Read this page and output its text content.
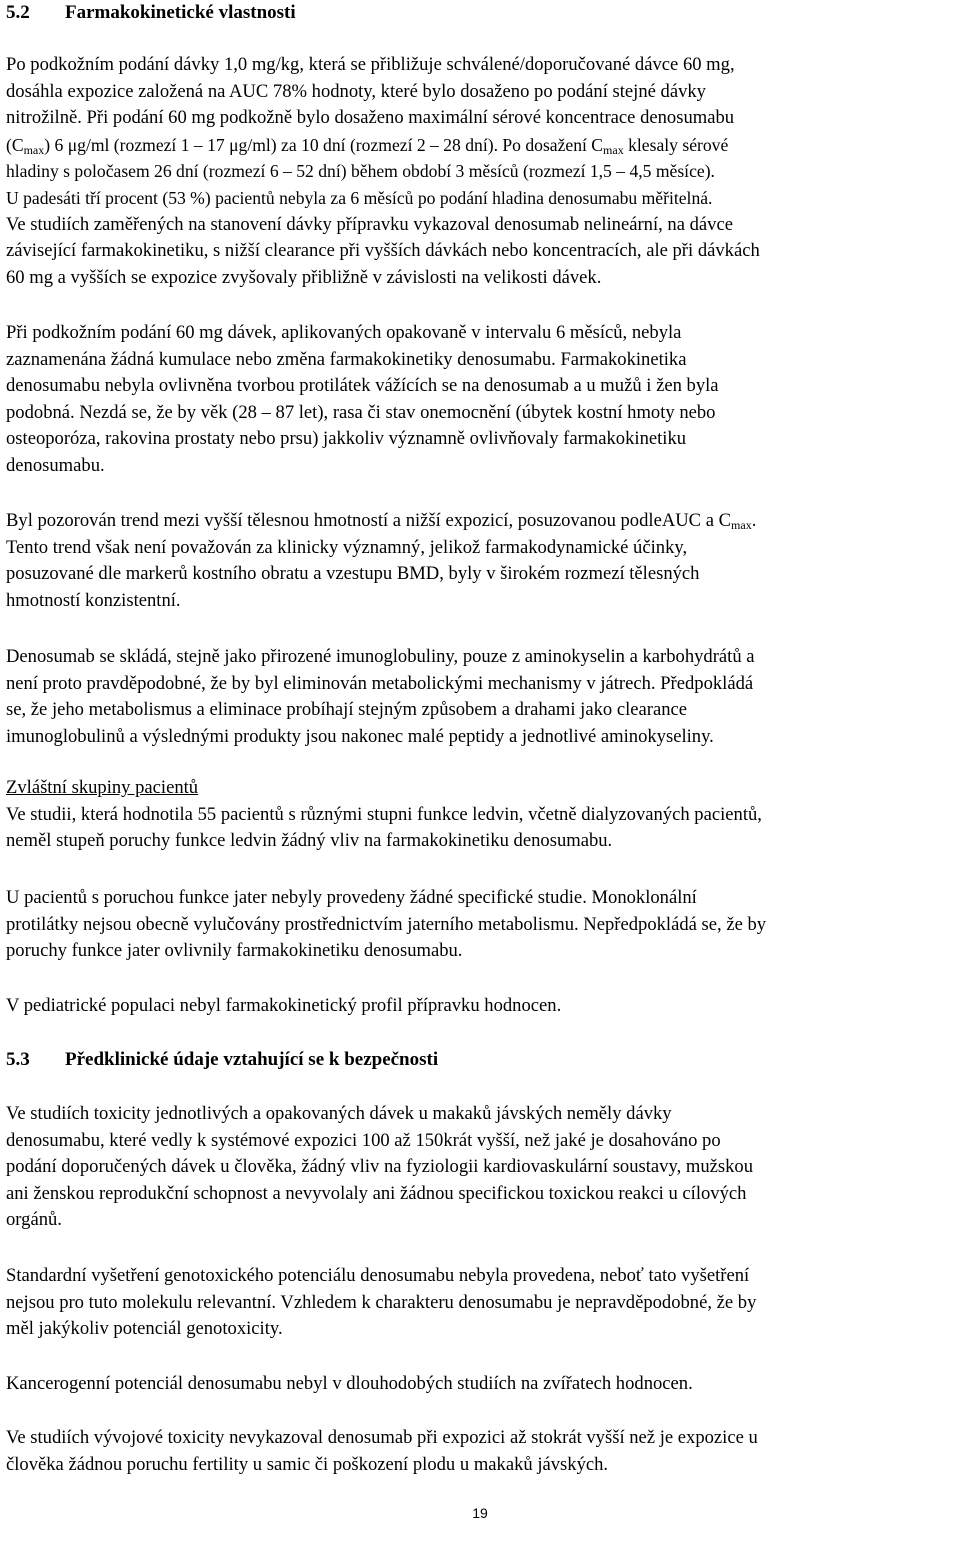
5.2 Farmakokinetické vlastnosti
Po podkožním podání dávky 1,0 mg/kg, která se přibližuje schválené/doporučované dávce 60 mg,
dosáhla expozice založená na AUC 78% hodnoty, které bylo dosaženo po podání stejné dávky
nitrožilně. Při podání 60 mg podkožně bylo dosaženo maximální sérové koncentrace denosumabu
$(C_{max})$ 6 μg/ml (rozmezí 1 – 17 μg/ml) za 10 dní (rozmezí 2 – 28 dní). Po dosažení $C_{max}$ klesaly sérové
hladiny s poločasem 26 dní (rozmezí 6 – 52 dní) během období 3 měsíců (rozmezí 1,5 – 4,5 měsíce).
U padesáti tří procent (53 %) pacientů nebyla za 6 měsíců po podání hladina denosumabu měřitelná.
Ve studiích zaměřených na stanovení dávky přípravku vykazoval denosumab nelineární, na dávce
závisející farmakokinetiku, s nižší clearance při vyšších dávkách nebo koncentracích, ale při dávkách
60 mg a vyšších se expozice zvyšovaly přibližně v závislosti na velikosti dávek.
Při podkožním podání 60 mg dávek, aplikovaných opakovaně v intervalu 6 měsíců, nebyla
zaznamenána žádná kumulace nebo změna farmakokinetiky denosumabu. Farmakokinetika
denosumabu nebyla ovlivněna tvorbou protilátek vážících se na denosumab a u mužů i žen byla
podobná. Nezdá se, že by věk (28 – 87 let), rasa či stav onemocnění (úbytek kostní hmoty nebo
osteoporóza, rakovina prostaty nebo prsu) jakkoliv významně ovlivňovaly farmakokinetiku
denosumabu.
Byl pozorován trend mezi vyšší tělesnou hmotností a nižší expozicí, posuzovanou podleAUC a $C_{max}$.
Tento trend však není považován za klinicky významný, jelikož farmakodynamické účinky,
posuzované dle markerů kostního obratu a vzestupu BMD, byly v širokém rozmezí tělesných
hmotností konzistentní.
Denosumab se skládá, stejně jako přirozené imunoglobuliny, pouze z aminokyselin a karbohydrátů a
není proto pravděpodobné, že by byl eliminován metabolickými mechanismy v játrech. Předpokládá
se, že jeho metabolismus a eliminace probíhají stejným způsobem a drahami jako clearance
imunoglobulinů a výslednými produkty jsou nakonec malé peptidy a jednotlivé aminokyseliny.
Zvláštní skupiny pacientů
Ve studii, která hodnotila 55 pacientů s různými stupni funkce ledvin, včetně dialyzovaných pacientů,
neměl stupeň poruchy funkce ledvin žádný vliv na farmakokinetiku denosumabu.
U pacientů s poruchou funkce jater nebyly provedeny žádné specifické studie. Monoklonální
protilátky nejsou obecně vylučovány prostřednictvím jaterního metabolismu. Nepředpokládá se, že by
poruchy funkce jater ovlivnily farmakokinetiku denosumabu.
V pediatrické populaci nebyl farmakokinetický profil přípravku hodnocen.
5.3 Předklinické údaje vztahující se k bezpečnosti
Ve studiích toxicity jednotlivých a opakovaných dávek u makaků jávských neměly dávky
denosumabu, které vedly k systémové expozici 100 až 150krát vyšší, než jaké je dosahováno po
podání doporučených dávek u člověka, žádný vliv na fyziologii kardiovaskulární soustavy, mužskou
ani ženskou reprodukční schopnost a nevyvolaly ani žádnou specifickou toxickou reakci u cílových
orgánů.
Standardní vyšetření genotoxického potenciálu denosumabu nebyla provedena, neboť tato vyšetření
nejsou pro tuto molekulu relevantní. Vzhledem k charakteru denosumabu je nepravděpodobné, že by
měl jakýkoliv potenciál genotoxicity.
Kancerogenní potenciál denosumabu nebyl v dlouhodobých studiích na zvířatech hodnocen.
Ve studiích vývojové toxicity nevykazoval denosumab při expozici až stokrát vyšší než je expozice u
člověka žádnou poruchu fertility u samic či poškození plodu u makaků jávských.
19
